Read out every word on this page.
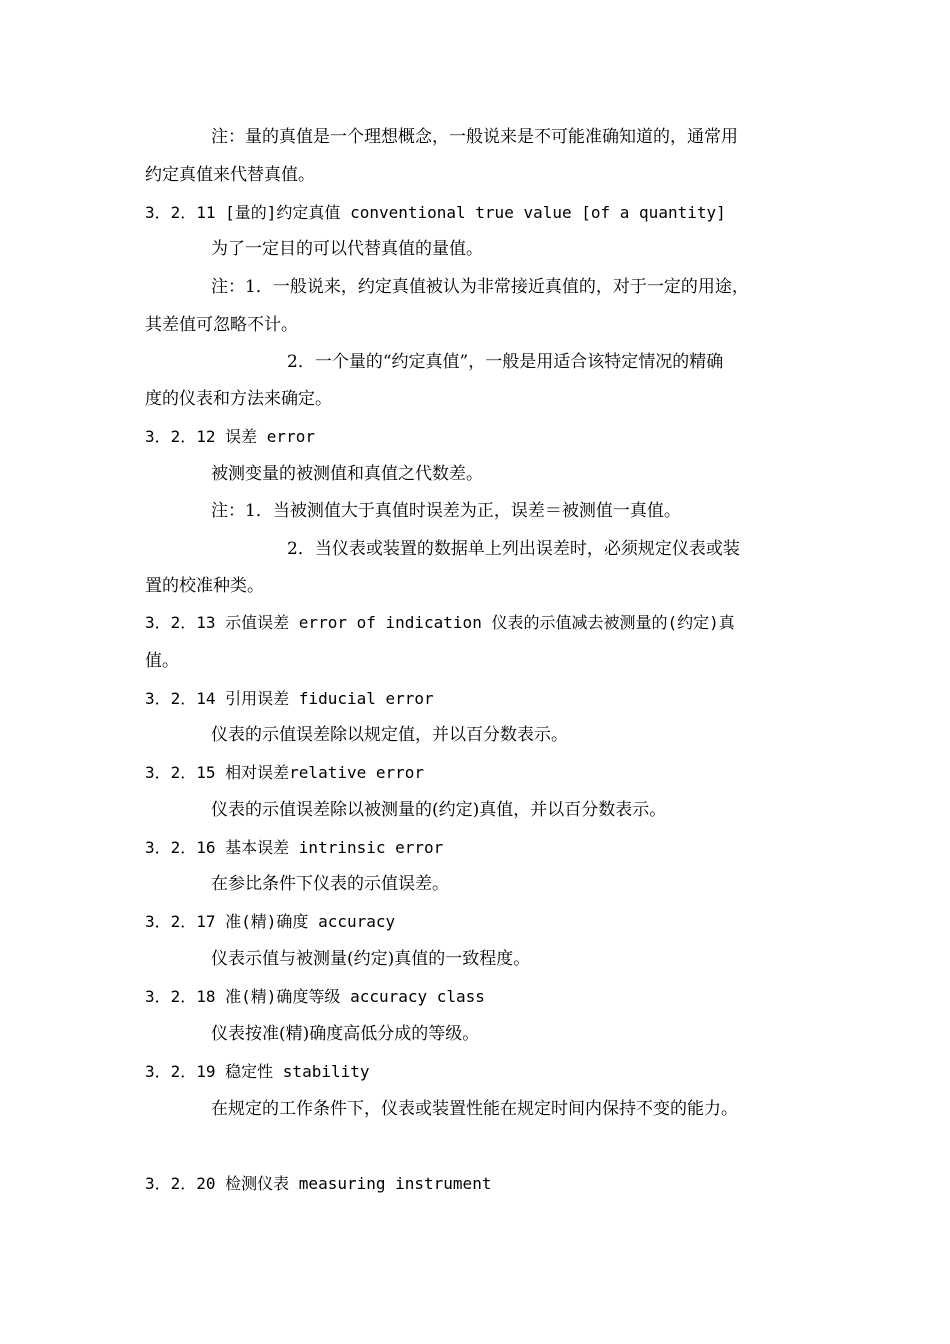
注：量的真值是一个理想概念，一般说来是不可能准确知道的，通常用
约定真值来代替真值。
3．2．11 [量的]约定真值 conventional true value [of a quantity]
为了一定目的可以代替真值的量值。
注：1．一般说来，约定真值被认为非常接近真值的，对于一定的用途，
其差值可忽略不计。
2．一个量的“约定真值”，一般是用适合该特定情况的精确
度的仪表和方法来确定。
3．2．12 误差 error
被测变量的被测值和真值之代数差。
注：1．当被测值大于真值时误差为正，误差＝被测值一真值。
2．当仪表或装置的数据单上列出误差时，必须规定仪表或装
置的校准种类。
3．2．13 示值误差 error of indication 仪表的示值减去被测量的(约定)真
值。
3．2．14 引用误差 fiducial error
仪表的示值误差除以规定值，并以百分数表示。
3．2．15 相对误差relative error
仪表的示值误差除以被测量的(约定)真值，并以百分数表示。
3．2．16 基本误差 intrinsic error
在参比条件下仪表的示值误差。
3．2．17 准(精)确度 accuracy
仪表示值与被测量(约定)真值的一致程度。
3．2．18 准(精)确度等级 accuracy class
仪表按准(精)确度高低分成的等级。
3．2．19 稳定性 stability
在规定的工作条件下，仪表或装置性能在规定时间内保持不变的能力。
3．2．20 检测仪表 measuring instrument
